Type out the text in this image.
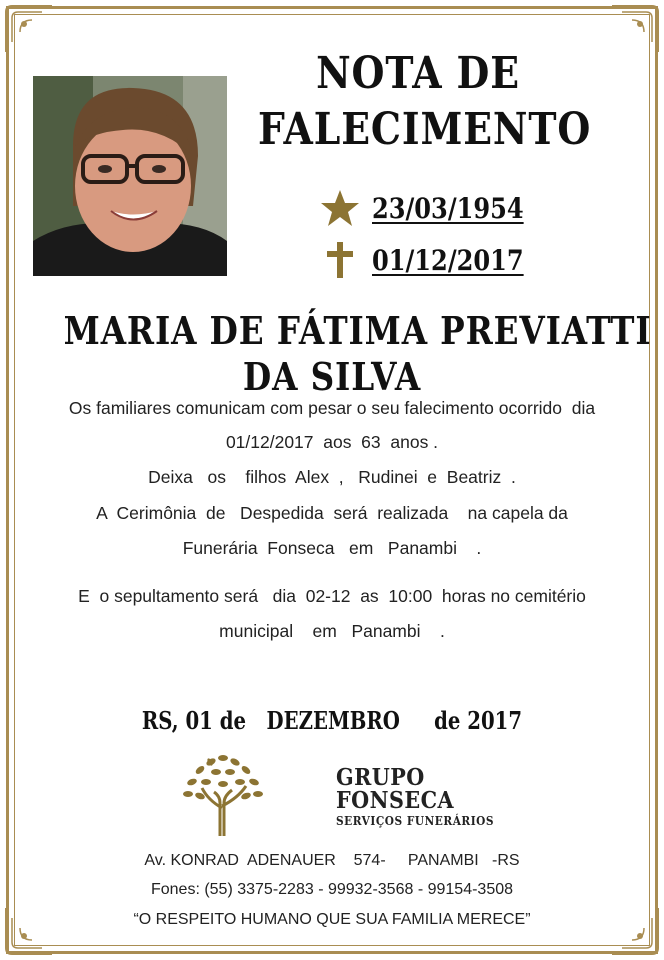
NOTA DE
FALECIMENTO
23/03/1954
01/12/2017
MARIA DE FÁTIMA PREVIATTI
DA SILVA
Os familiares comunicam com pesar o seu falecimento ocorrido  dia
01/12/2017  aos  63  anos .
Deixa   os    filhos  Alex  ,   Rudinei  e  Beatriz  .
A  Cerimônia  de   Despedida  será  realizada    na capela da
Funerária  Fonseca   em   Panambi    .
E  o sepultamento será   dia  02-12  as  10:00  horas no cemitério
municipal    em   Panambi    .
RS, 01 de   DEZEMBRO     de 2017
GRUPO
FONSECA
SERVIÇOS FUNERÁRIOS
Av. KONRAD  ADENAUER    574-     PANAMBI   -RS
Fones: (55) 3375-2283 - 99932-3568 - 99154-3508
“O RESPEITO HUMANO QUE SUA FAMILIA MERECE”
